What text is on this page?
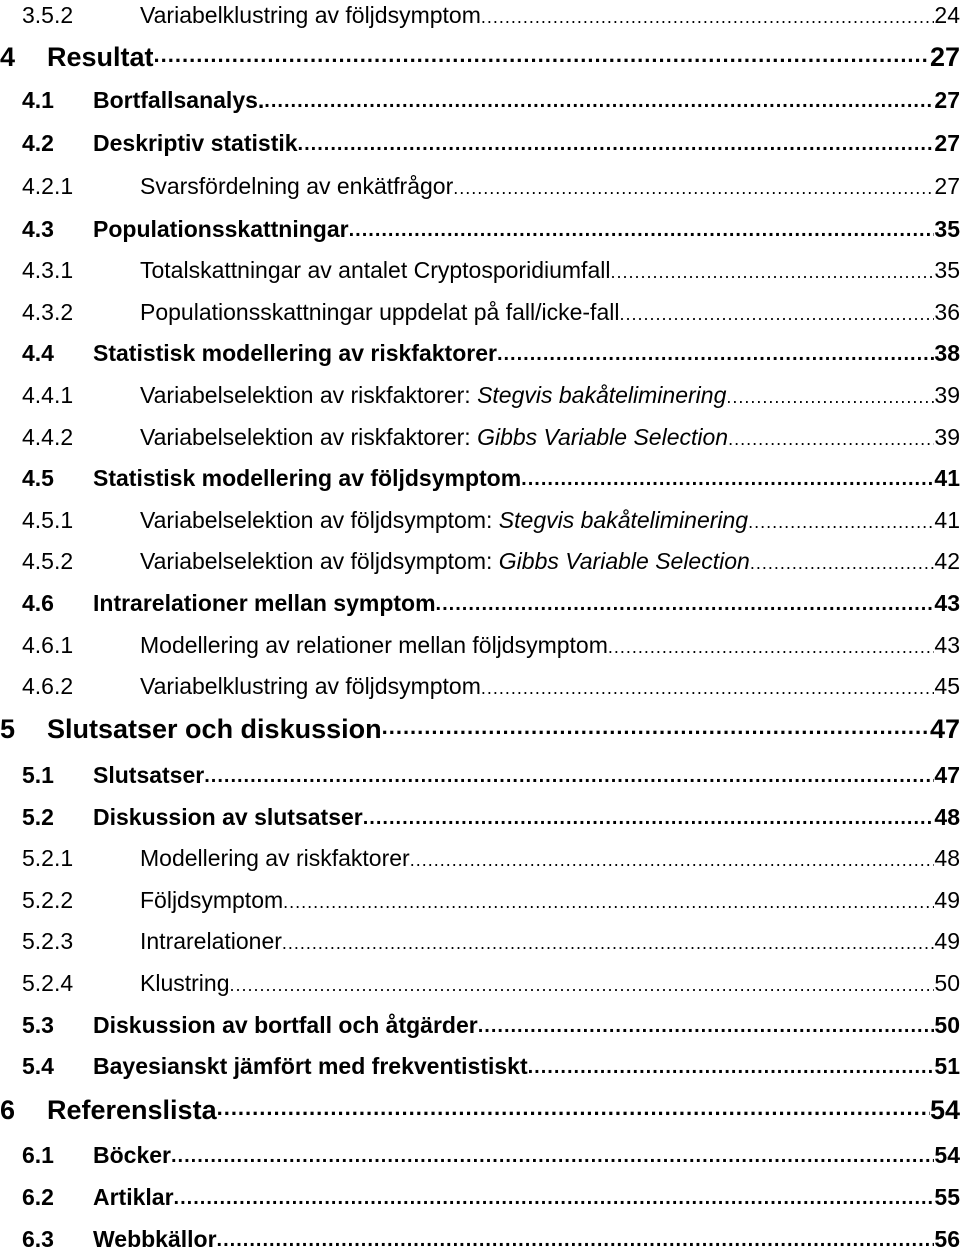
3.5.2	Variabelklustring av följdsymptom .....	24
4	Resultat .....	27
4.1	Bortfallsanalys. .....	27
4.2	Deskriptiv statistik .....	27
4.2.1	Svarsfördelning av enkätfrågor .....	27
4.3	Populationsskattningar .....	35
4.3.1	Totalskattningar av antalet Cryptosporidiumfall .....	35
4.3.2	Populationsskattningar uppdelat på fall/icke-fall .....	36
4.4	Statistisk modellering av riskfaktorer .....	38
4.4.1	Variabelselektion av riskfaktorer: Stegvis bakåteliminering .....	39
4.4.2	Variabelselektion av riskfaktorer: Gibbs Variable Selection .....	39
4.5	Statistisk modellering av följdsymptom .....	41
4.5.1	Variabelselektion av följdsymptom: Stegvis bakåteliminering .....	41
4.5.2	Variabelselektion av följdsymptom: Gibbs Variable Selection .....	42
4.6	Intrarelationer mellan symptom .....	43
4.6.1	Modellering av relationer mellan följdsymptom .....	43
4.6.2	Variabelklustring av följdsymptom .....	45
5	Slutsatser och diskussion .....	47
5.1	Slutsatser .....	47
5.2	Diskussion av slutsatser .....	48
5.2.1	Modellering av riskfaktorer .....	48
5.2.2	Följdsymptom .....	49
5.2.3	Intrarelationer .....	49
5.2.4	Klustring .....	50
5.3	Diskussion av bortfall och åtgärder .....	50
5.4	Bayesianskt jämfört med frekventistiskt .....	51
6	Referenslista .....	54
6.1	Böcker .....	54
6.2	Artiklar .....	55
6.3	Webbkällor .....	56
